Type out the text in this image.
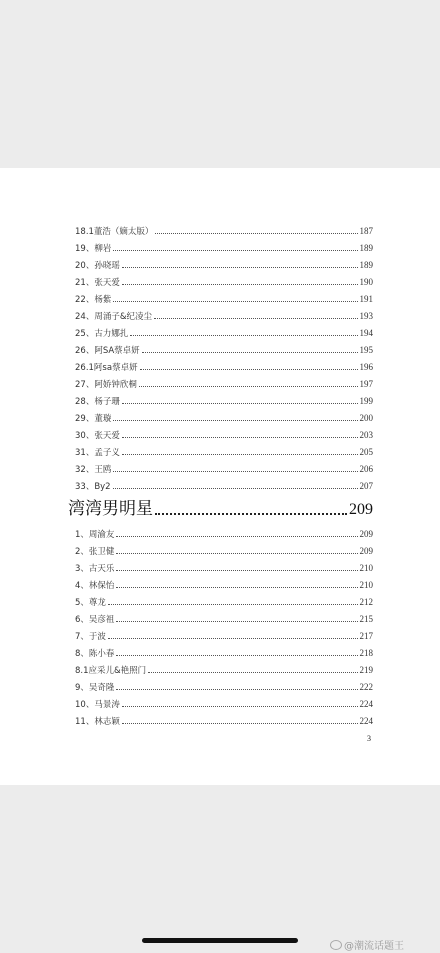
18.1董浩（嫡太版）	187
19、柳岩	189
20、孙晓瑶	189
21、张天爱	190
22、杨紫	191
24、周涌子&纪凌尘	193
25、古力娜扎	194
26、阿SA蔡卓妍	195
26.1阿sa蔡卓妍	196
27、阿娇钟欣桐	197
28、杨子珊	199
29、董璇	200
30、张天爱	203
31、孟子义	205
32、王鸥	206
33、By2	207
湾湾男明星	209
1、周渝友	209
2、张卫健	209
3、古天乐	210
4、林保怡	210
5、尊龙	212
6、吴彦祖	215
7、于波	217
8、陈小春	218
8.1应采儿&艳照门	219
9、吴奇隆	222
10、马景涛	224
11、林志颖	224
3
@潮流话题王
